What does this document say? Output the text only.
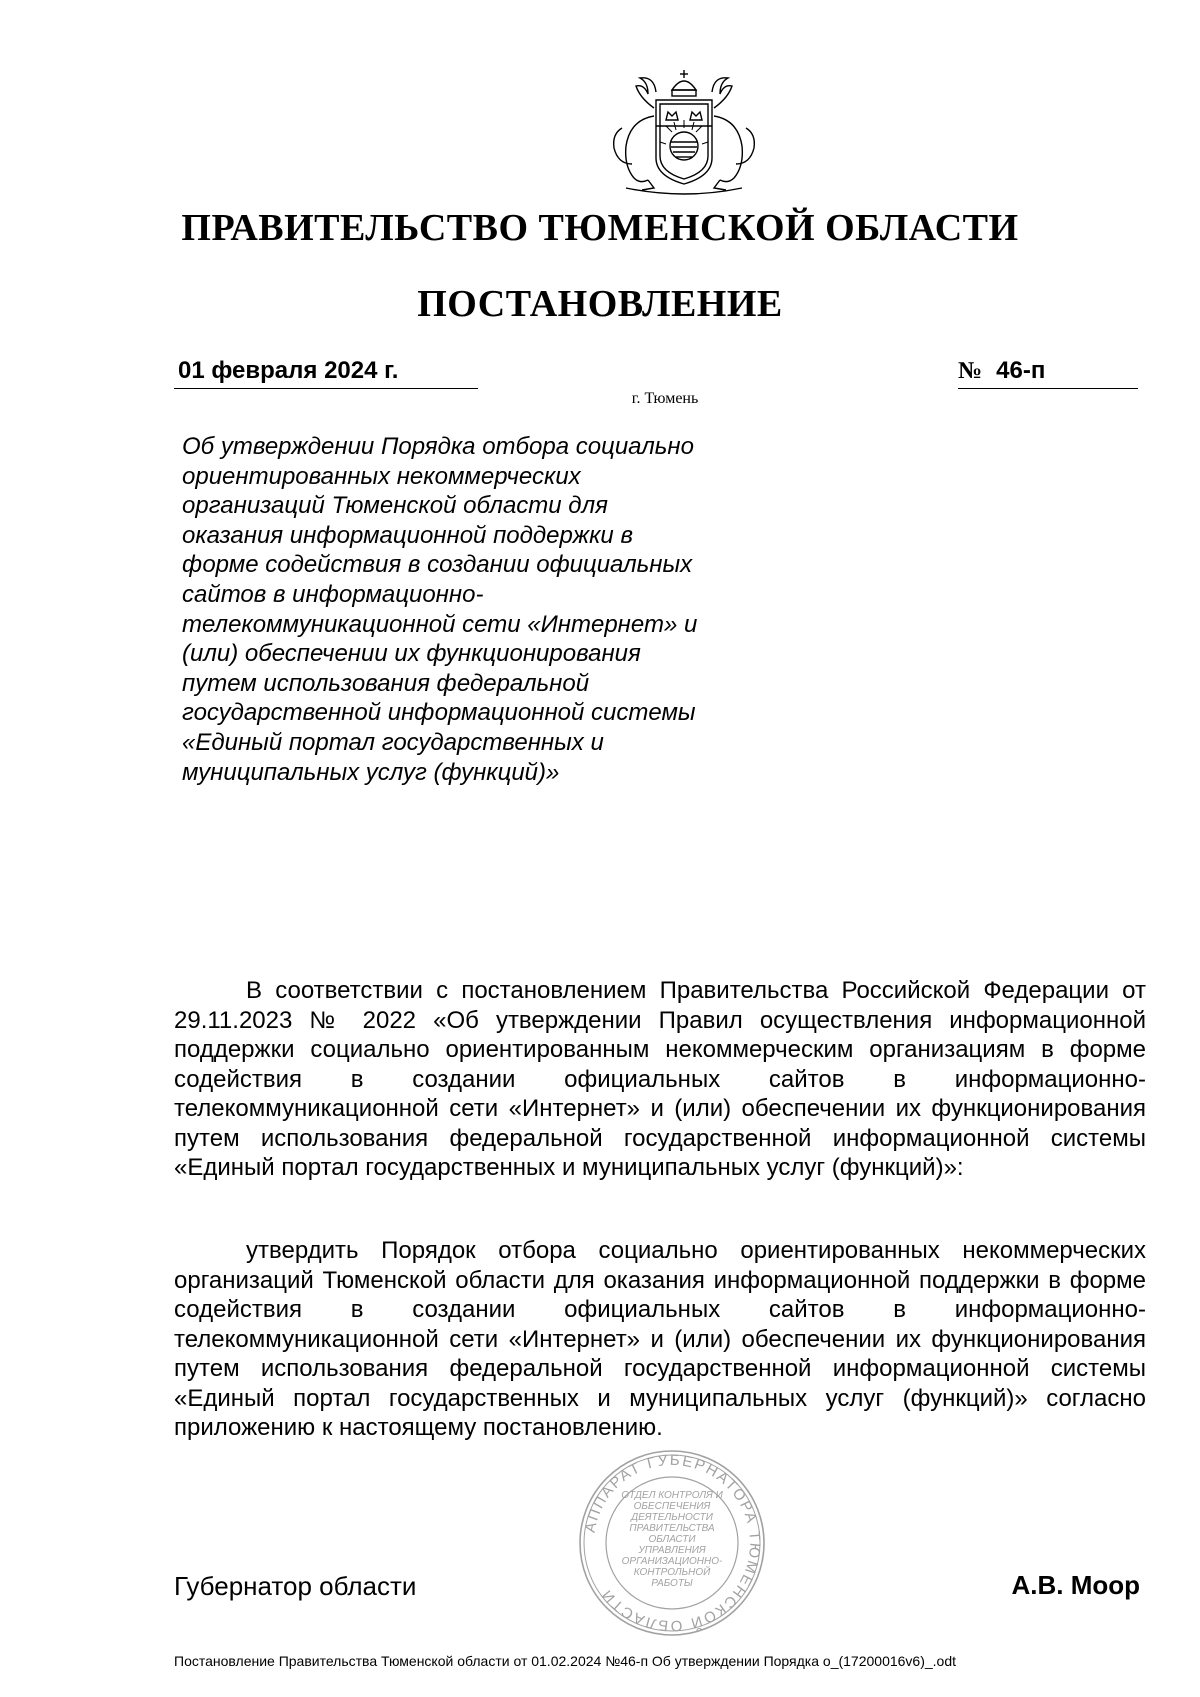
ПРАВИТЕЛЬСТВО ТЮМЕНСКОЙ ОБЛАСТИ
ПОСТАНОВЛЕНИЕ
01 февраля 2024 г.	№ 46-п
г. Тюмень
Об утверждении Порядка отбора социально ориентированных некоммерческих организаций Тюменской области для оказания информационной поддержки в форме содействия в создании официальных сайтов в информационно-телекоммуникационной сети «Интернет» и (или) обеспечении их функционирования путем использования федеральной государственной информационной системы «Единый портал государственных и муниципальных услуг (функций)»

В соответствии с постановлением Правительства Российской Федерации от 29.11.2023 № 2022 «Об утверждении Правил осуществления информационной поддержки социально ориентированным некоммерческим организациям в форме содействия в создании официальных сайтов в информационно-телекоммуникационной сети «Интернет» и (или) обеспечении их функционирования путем использования федеральной государственной информационной системы «Единый портал государственных и муниципальных услуг (функций)»:

утвердить Порядок отбора социально ориентированных некоммерческих организаций Тюменской области для оказания информационной поддержки в форме содействия в создании официальных сайтов в информационно-телекоммуникационной сети «Интернет» и (или) обеспечении их функционирования путем использования федеральной государственной информационной системы «Единый портал государственных и муниципальных услуг (функций)» согласно приложению к настоящему постановлению.

АППАРАТ ГУБЕРНАТОРА ТЮМЕНСКОЙ ОБЛАСТИ
ОТДЕЛ КОНТРОЛЯ И ОБЕСПЕЧЕНИЯ ДЕЯТЕЛЬНОСТИ ПРАВИТЕЛЬСТВА ОБЛАСТИ УПРАВЛЕНИЯ ОРГАНИЗАЦИОННО-КОНТРОЛЬНОЙ РАБОТЫ
Губернатор области	А.В. Моор
Постановление Правительства Тюменской области от 01.02.2024 №46-п Об утверждении Порядка о_(17200016v6)_.odt
